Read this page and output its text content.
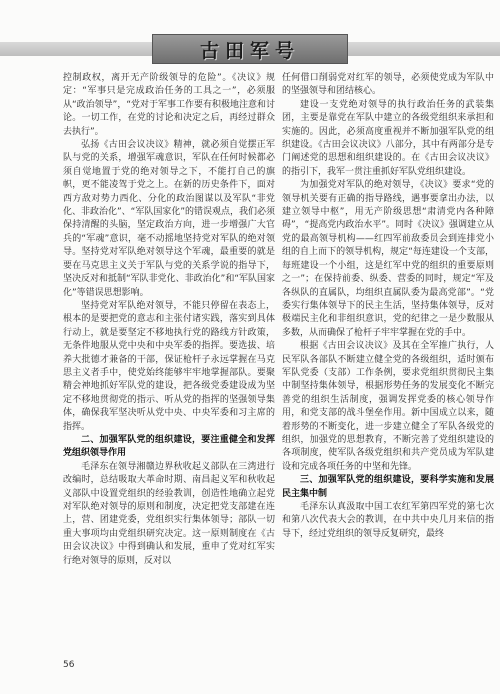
古田军号

控制政权，离开无产阶级领导的危险”。《决议》规定：“军事只是完成政治任务的工具之一”，必须服从“政治领导”，“党对于军事工作要有积极地注意和讨论。一切工作，在党的讨论和决定之后，再经过群众去执行”。

弘扬《古田会议决议》精神，就必须自觉摆正军队与党的关系，增强军魂意识，军队在任何时候都必须自觉地置于党的绝对领导之下，不能打自己的旗帜，更不能凌驾于党之上。在新的历史条件下，面对西方敌对势力西化、分化的政治图谋以及军队“非党化、非政治化”、“军队国家化”的错误观点，我们必须保持清醒的头脑，坚定政治方向，进一步增强广大官兵的“军魂”意识，毫不动摇地坚持党对军队的绝对领导。坚持党对军队绝对领导这个军魂，最重要的就是要在马克思主义关于军队与党的关系学说的指导下，坚决反对和抵制“军队非党化、非政治化”和“军队国家化”等错误思想影响。

坚持党对军队绝对领导，不能只停留在表态上，根本的是要把党的意志和主张付诸实践，落实到具体行动上，就是要坚定不移地执行党的路线方针政策，无条件地服从党中央和中央军委的指挥。要选拔、培养大批德才兼备的干部，保证枪杆子永远掌握在马克思主义者手中，使党始终能够牢牢地掌握部队。要聚精会神地抓好军队党的建设，把各级党委建设成为坚定不移地贯彻党的指示、听从党的指挥的坚强领导集体，确保我军坚决听从党中央、中央军委和习主席的指挥。

二、加强军队党的组织建设，要注重健全和发挥党组织领导作用

毛泽东在领导湘赣边界秋收起义部队在三湾进行改编时，总结吸取大革命时期、南昌起义军和秋收起义部队中设置党组织的经验教训，创造性地确立起党对军队绝对领导的原则和制度，决定把党支部建在连上，营、团建党委，党组织实行集体领导；部队一切重大事项均由党组织研究决定。这一原则制度在《古田会议决议》中得到确认和发展，重申了党对红军实行绝对领导的原则，反对以

任何借口削弱党对红军的领导，必须使党成为军队中的坚强领导和团结核心。

建设一支党绝对领导的执行政治任务的武装集团，主要是靠党在军队中建立的各级党组织来承担和实施的。因此，必须高度重视并不断加强军队党的组织建设。《古田会议决议》八部分，其中有两部分是专门阐述党的思想和组织建设的。在《古田会议决议》的指引下，我军一贯注重抓好军队党组织建设。

为加强党对军队的绝对领导，《决议》要求“党的领导机关要有正确的指导路线，遇事要拿出办法，以建立领导中枢”，用无产阶级思想“肃清党内各种障碍”，“提高党内政治水平”。同时《决议》强调建立从党的最高领导机构——红四军前敌委员会到连排党小组的自上而下的领导机构，规定“每连建设一个支部，每班建设一个小组，这是红军中党的组织的重要原则之一”；在保持前委、纵委、营委的同时，规定“军及各纵队的直属队，均组织直属队委为最高党部”。“党委实行集体领导下的民主生活，坚持集体领导，反对极端民主化和非组织意识，党的纪律之一是少数服从多数，从而确保了枪杆子牢牢掌握在党的手中。

根据《古田会议决议》及其在全军推广执行，人民军队各部队不断建立健全党的各级组织，适时颁布军队党委（支部）工作条例，要求党组织贯彻民主集中制坚持集体领导，根据形势任务的发展变化不断完善党的组织生活制度，强调发挥党委的核心领导作用，和党支部的战斗堡垒作用。新中国成立以来，随着形势的不断变化，进一步建立健全了军队各级党的组织，加强党的思想教育，不断完善了党组织建设的各项制度，使军队各级党组织和共产党员成为军队建设和完成各项任务的中坚和先锋。

三、加强军队党的组织建设，要科学实施和发展民主集中制

毛泽东认真汲取中国工农红军第四军党的第七次和第八次代表大会的教训，在中共中央几月来信的指导下，经过党组织的领导反复研究，最终

56
